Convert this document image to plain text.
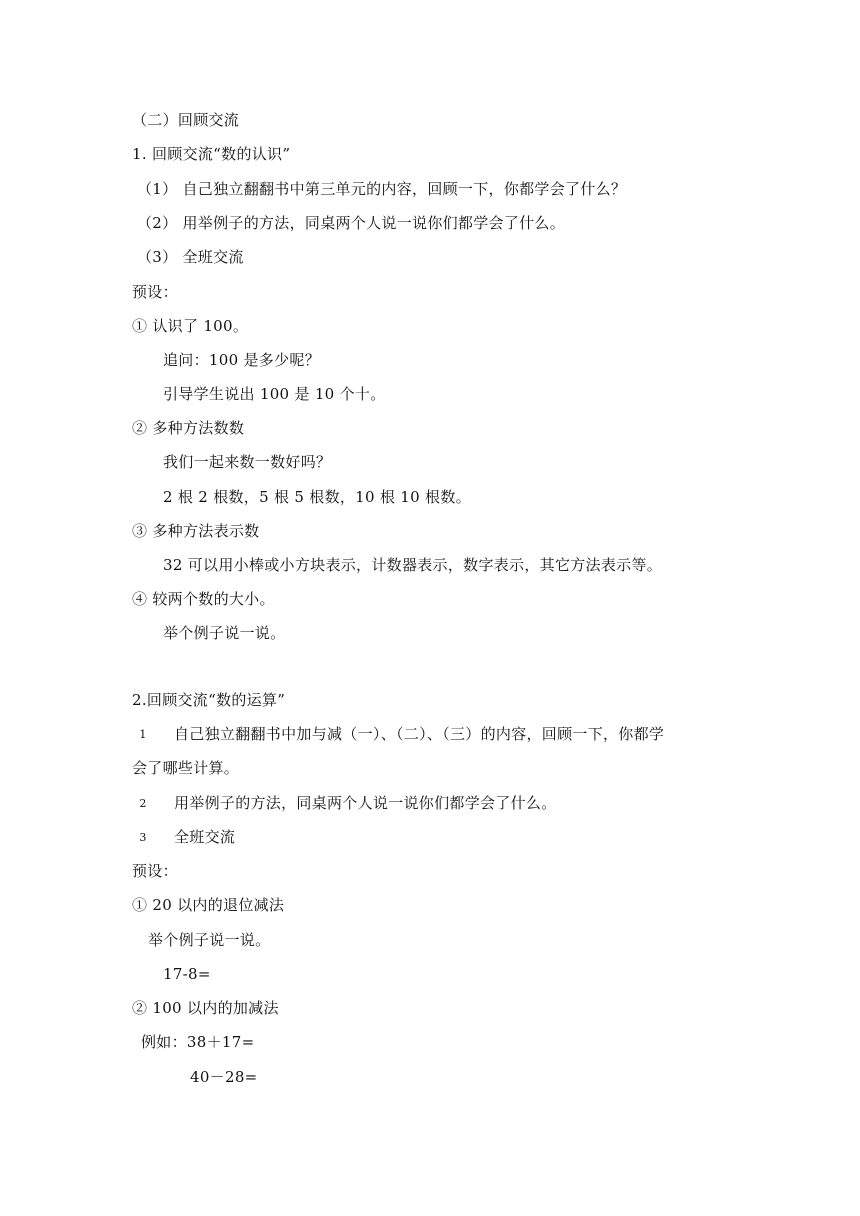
（二）回顾交流
1. 回顾交流“数的认识”
（1） 自己独立翻翻书中第三单元的内容，回顾一下，你都学会了什么？
（2） 用举例子的方法，同桌两个人说一说你们都学会了什么。
（3） 全班交流
预设：
① 认识了 100。
追问：100 是多少呢？
引导学生说出 100 是 10 个十。
② 多种方法数数
我们一起来数一数好吗？
2 根 2 根数，5 根 5 根数，10 根 10 根数。
③ 多种方法表示数
32 可以用小棒或小方块表示，计数器表示，数字表示，其它方法表示等。
④ 较两个数的大小。
举个例子说一说。
2.回顾交流“数的运算”
1 自己独立翻翻书中加与减（一）、（二）、（三）的内容，回顾一下，你都学
会了哪些计算。
2 用举例子的方法，同桌两个人说一说你们都学会了什么。
3 全班交流
预设：
① 20 以内的退位减法
举个例子说一说。
17-8=
② 100 以内的加减法
例如：38＋17=
40－28=
